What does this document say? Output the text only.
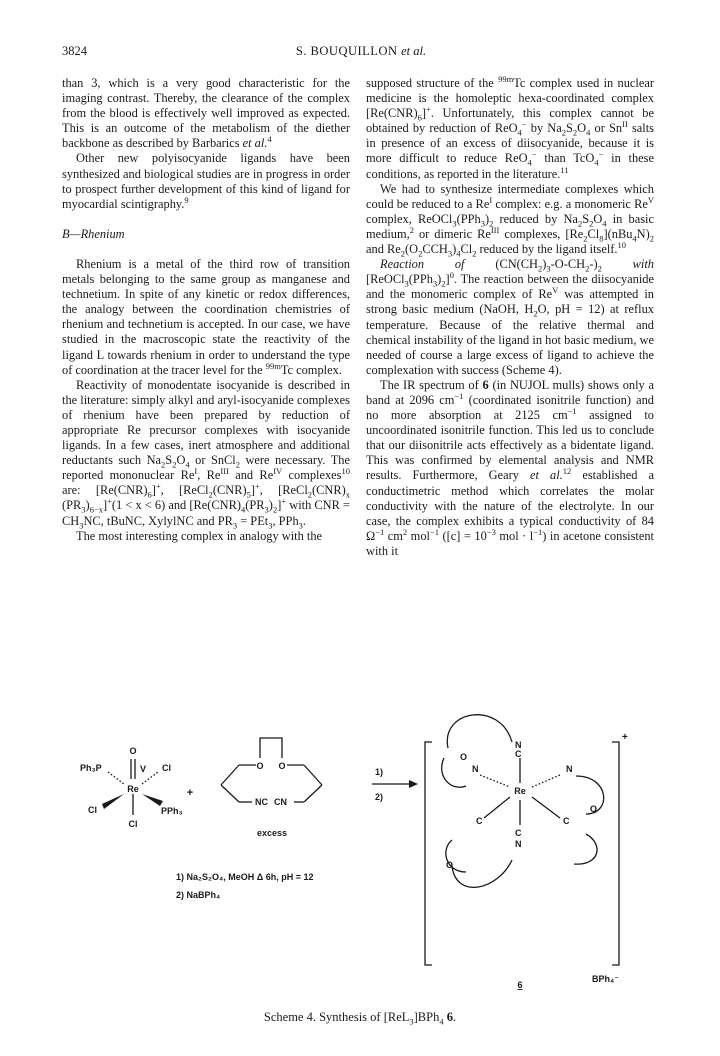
3824	S. BOUQUILLON et al.

than 3, which is a very good characteristic for the imaging contrast. Thereby, the clearance of the complex from the blood is effectively well improved as expected. This is an outcome of the metabolism of the diether backbone as described by Barbarics et al.$^4$

Other new polyisocyanide ligands have been synthesized and biological studies are in progress in order to prospect further development of this kind of ligand for myocardial scintigraphy.$^9$

B—Rhenium

Rhenium is a metal of the third row of transition metals belonging to the same group as manganese and technetium. In spite of any kinetic or redox differences, the analogy between the coordination chemistries of rhenium and technetium is accepted. In our case, we have studied in the macroscopic state the reactivity of the ligand L towards rhenium in order to understand the type of coordination at the tracer level for the $^{99m}$Tc complex.

Reactivity of monodentate isocyanide is described in the literature: simply alkyl and aryl-isocyanide complexes of rhenium have been prepared by reduction of appropriate Re precursor complexes with isocyanide ligands. In a few cases, inert atmosphere and additional reductants such $Na_2S_2O_4$ or SnCl$_2$ were necessary. The reported mononuclear $Re^I$, $Re^{III}$ and $Re^{IV}$ complexes$^{10}$ are: $[Re(CNR)_6]^+$, $[ReCl_2(CNR)_5]^+$, [$ReCl_2(CNR)_x$ $(PR_3)_{6-x}]^+(1 < x < 6)$ and $[Re(CNR)_4(PR_3)_2]^+$ with CNR = $CH_3NC$, tBuNC, XylylNC and $PR_3 = PEt_3$, PPh$_3$.

The most interesting complex in analogy with the

supposed structure of the $^{99m}$Tc complex used in nuclear medicine is the homoleptic hexa-coordinated complex $[Re(CNR)_6]^+$. Unfortunately, this complex cannot be obtained by reduction of ReO$_4$− by $Na_2S_2O_4$ or $Sn^{II}$ salts in presence of an excess of diisocyanide, because it is more difficult to reduce ReO$_4$− than TcO$_4$− in these conditions, as reported in the literature.$^{11}$

We had to synthesize intermediate complexes which could be reduced to a $Re^I$ complex: e.g. a monomeric $Re^V$ complex, $ReOCl_3(PPh_3)_2$ reduced by $Na_2S_2O_4$ in basic medium,$^2$ or dimeric $Re^{III}$ complexes, $[Re_2Cl_8](nBu_4N)_2$ and $Re_2(O_2CCH_3)_4Cl_2$ reduced by the ligand itself.$^{10}$

Reaction of $(CN(CH_2)_3-O-CH_2-)_2$ with $[ReOCl_3(PPh_3)_2]^0$. The reaction between the diisocyanide and the monomeric complex of $Re^V$ was attempted in strong basic medium (NaOH, $H_2O$, pH = 12) at reflux temperature. Because of the relative thermal and chemical instability of the ligand in hot basic medium, we needed of course a large excess of ligand to achieve the complexation with success (Scheme 4).

The IR spectrum of 6 (in NUJOL mulls) shows only a band at 2096 $cm^{-1}$ (coordinated isonitrile function) and no more absorption at 2125 $cm^{-1}$ assigned to uncoordinated isonitrile function. This led us to conclude that our diisonitrile acts effectively as a bidentate ligand. This was confirmed by elemental analysis and NMR results. Furthermore, Geary et al.$^{12}$ established a conductimetric method which correlates the molar conductivity with the nature of the electrolyte. In our case, the complex exhibits a typical conductivity of 84 $\Omega^{-1}$ $cm^2$ mol$^{-1}$ ($[c] = 10^{-3}$ mol · $l^{-1}$) in acetone consistent with it

O
Ph₃P	V Cl
Re
Cl	PPh₃
Cl
+
O O
NC CN
excess
1)
2)
1) Na₂S₂O₄, MeOH Δ 6h, pH = 12
2) NaBPh₄
Re
N
C
C
N
N	N
C	C
O
O
O
+
BPh₄⁻
6
Scheme 4. Synthesis of [ReL$_3$]BPh$_4$ 6.
